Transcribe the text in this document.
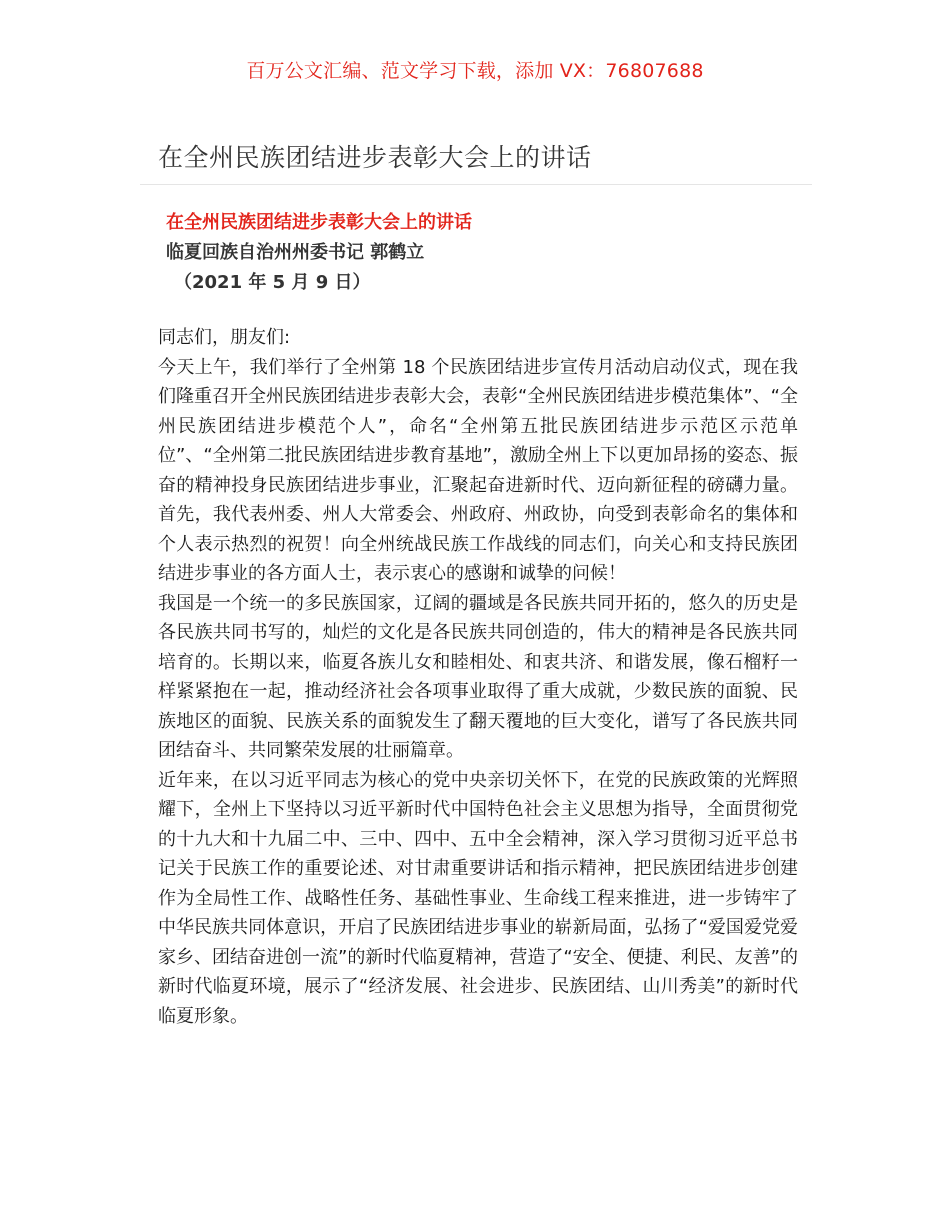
百万公文汇编、范文学习下载，添加 VX：76807688
在全州民族团结进步表彰大会上的讲话
在全州民族团结进步表彰大会上的讲话
临夏回族自治州州委书记 郭鹤立
（2021 年 5 月 9 日）

同志们，朋友们:

今天上午，我们举行了全州第 18 个民族团结进步宣传月活动启动仪式，现在我们隆重召开全州民族团结进步表彰大会，表彰“全州民族团结进步模范集体”、“全州民族团结进步模范个人”，命名“全州第五批民族团结进步示范区示范单位”、“全州第二批民族团结进步教育基地”，激励全州上下以更加昂扬的姿态、振奋的精神投身民族团结进步事业，汇聚起奋进新时代、迈向新征程的磅礴力量。首先，我代表州委、州人大常委会、州政府、州政协，向受到表彰命名的集体和个人表示热烈的祝贺！向全州统战民族工作战线的同志们，向关心和支持民族团结进步事业的各方面人士，表示衷心的感谢和诚挚的问候！

我国是一个统一的多民族国家，辽阔的疆域是各民族共同开拓的，悠久的历史是各民族共同书写的，灿烂的文化是各民族共同创造的，伟大的精神是各民族共同培育的。长期以来，临夏各族儿女和睦相处、和衷共济、和谐发展，像石榴籽一样紧紧抱在一起，推动经济社会各项事业取得了重大成就，少数民族的面貌、民族地区的面貌、民族关系的面貌发生了翻天覆地的巨大变化，谱写了各民族共同团结奋斗、共同繁荣发展的壮丽篇章。

近年来，在以习近平同志为核心的党中央亲切关怀下，在党的民族政策的光辉照耀下，全州上下坚持以习近平新时代中国特色社会主义思想为指导，全面贯彻党的十九大和十九届二中、三中、四中、五中全会精神，深入学习贯彻习近平总书记关于民族工作的重要论述、对甘肃重要讲话和指示精神，把民族团结进步创建作为全局性工作、战略性任务、基础性事业、生命线工程来推进，进一步铸牢了中华民族共同体意识，开启了民族团结进步事业的崭新局面，弘扬了“爱国爱党爱家乡、团结奋进创一流”的新时代临夏精神，营造了“安全、便捷、利民、友善”的新时代临夏环境，展示了“经济发展、社会进步、民族团结、山川秀美”的新时代临夏形象。
